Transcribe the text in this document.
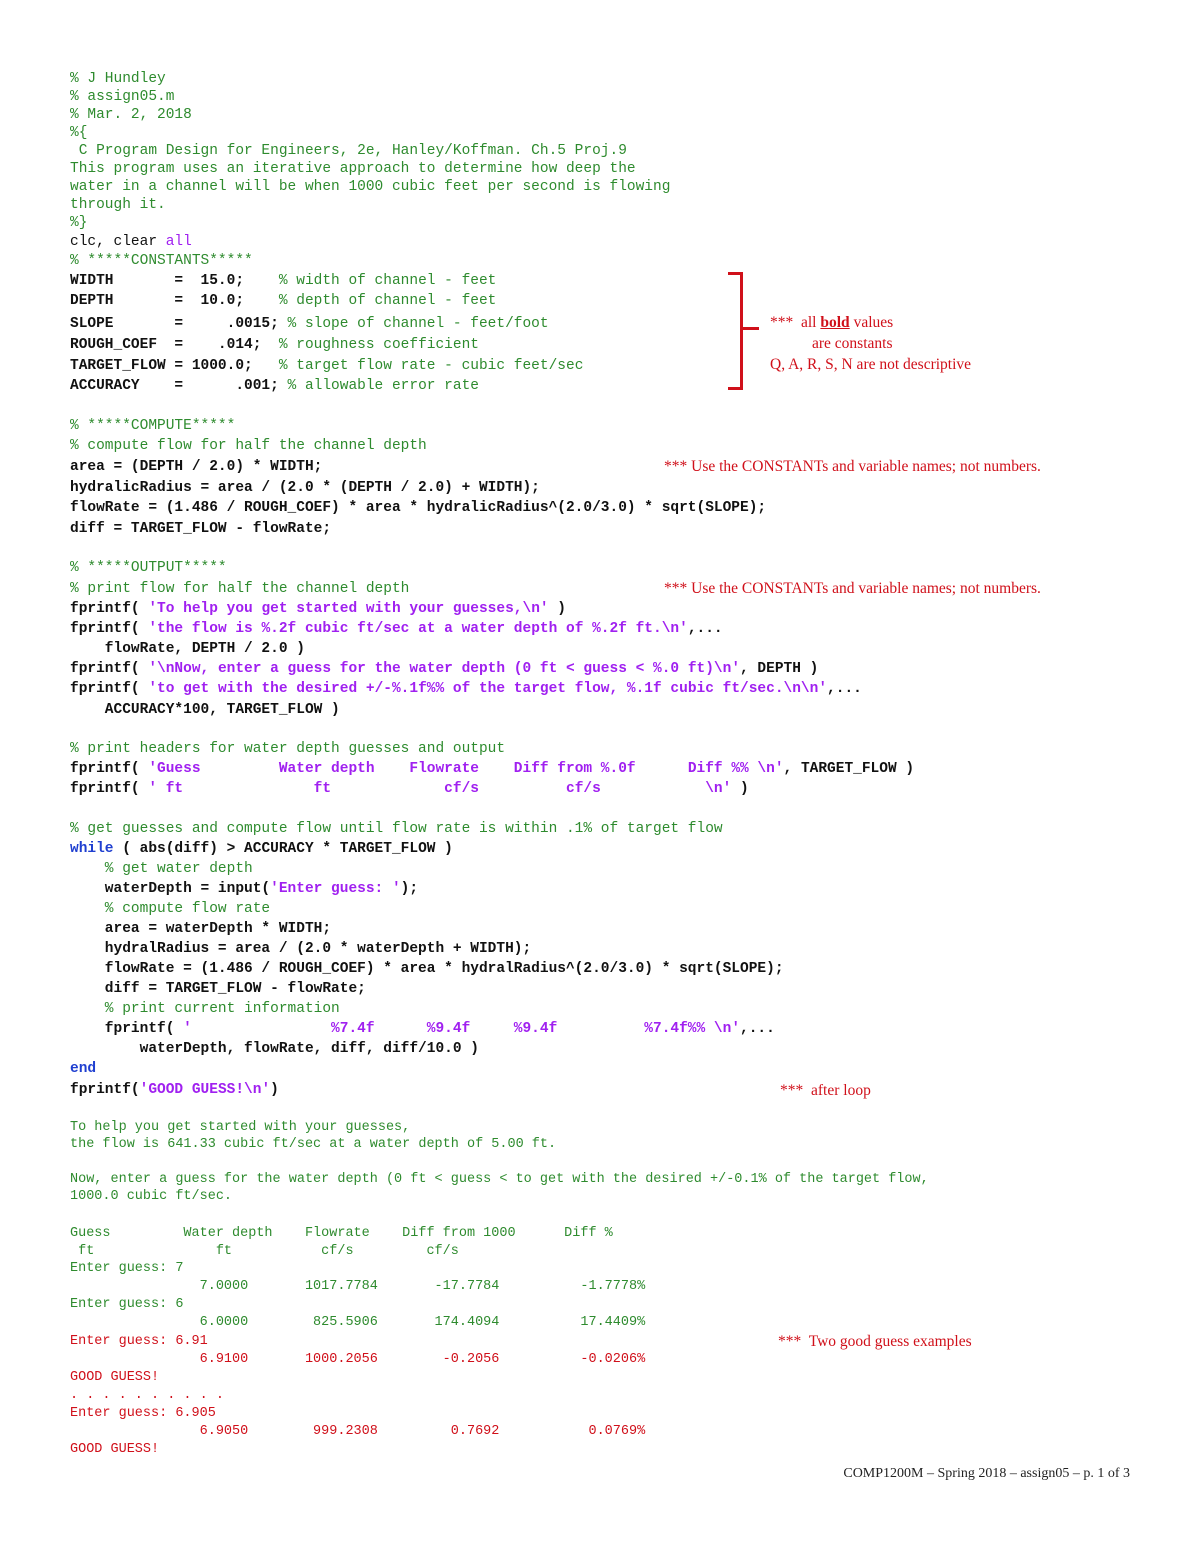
% J Hundley
% assign05.m
% Mar. 2, 2018
%{
C Program Design for Engineers, 2e, Hanley/Koffman. Ch.5 Proj.9
This program uses an iterative approach to determine how deep the
water in a channel will be when 1000 cubic feet per second is flowing
through it.
%}
clc, clear all
% *****CONSTANTS*****
WIDTH       =  15.0;    % width of channel - feet
DEPTH       =  10.0;    % depth of channel - feet
SLOPE       =     .0015; % slope of channel - feet/foot
ROUGH_COEF  =    .014;  % roughness coefficient
TARGET_FLOW = 1000.0;   % target flow rate - cubic feet/sec
ACCURACY    =      .001; % allowable error rate
***  all bold values
are constants
Q, A, R, S, N are not descriptive
% *****COMPUTE*****
% compute flow for half the channel depth
area = (DEPTH / 2.0) * WIDTH;	*** Use the CONSTANTs and variable names; not numbers.
hydralicRadius = area / (2.0 * (DEPTH / 2.0) + WIDTH);
flowRate = (1.486 / ROUGH_COEF) * area * hydralicRadius^(2.0/3.0) * sqrt(SLOPE);
diff = TARGET_FLOW - flowRate;
% *****OUTPUT*****
% print flow for half the channel depth	*** Use the CONSTANTs and variable names; not numbers.
fprintf( 'To help you get started with your guesses,\n' )
fprintf( 'the flow is %.2f cubic ft/sec at a water depth of %.2f ft.\n',...
flowRate, DEPTH / 2.0 )
fprintf( '\nNow, enter a guess for the water depth (0 ft < guess < %.0 ft)\n', DEPTH )
fprintf( 'to get with the desired +/-%.1f%% of the target flow, %.1f cubic ft/sec.\n\n',...
ACCURACY*100, TARGET_FLOW )
% print headers for water depth guesses and output
fprintf( 'Guess         Water depth    Flowrate    Diff from %.0f      Diff %% \n', TARGET_FLOW )
fprintf( ' ft               ft             cf/s          cf/s            \n' )
% get guesses and compute flow until flow rate is within .1% of target flow
while ( abs(diff) > ACCURACY * TARGET_FLOW )
% get water depth
waterDepth = input('Enter guess: ');
% compute flow rate
area = waterDepth * WIDTH;
hydralRadius = area / (2.0 * waterDepth + WIDTH);
flowRate = (1.486 / ROUGH_COEF) * area * hydralRadius^(2.0/3.0) * sqrt(SLOPE);
diff = TARGET_FLOW - flowRate;
% print current information
fprintf( '                %7.4f      %9.4f     %9.4f          %7.4f%% \n',...
waterDepth, flowRate, diff, diff/10.0 )
end
fprintf('GOOD GUESS!\n')	***  after loop
To help you get started with your guesses,
the flow is 641.33 cubic ft/sec at a water depth of 5.00 ft.
Now, enter a guess for the water depth (0 ft < guess < to get with the desired +/-0.1% of the target flow,
1000.0 cubic ft/sec.
Guess         Water depth    Flowrate    Diff from 1000      Diff %
ft               ft           cf/s         cf/s
Enter guess: 7
7.0000       1017.7784       -17.7784          -1.7778%
Enter guess: 6
6.0000        825.5906       174.4094          17.4409%
Enter guess: 6.91	***  Two good guess examples
6.9100       1000.2056        -0.2056          -0.0206%
GOOD GUESS!
. . . . . . . . . .
Enter guess: 6.905
6.9050        999.2308         0.7692           0.0769%
GOOD GUESS!
COMP1200M – Spring 2018 – assign05 – p. 1 of 3
